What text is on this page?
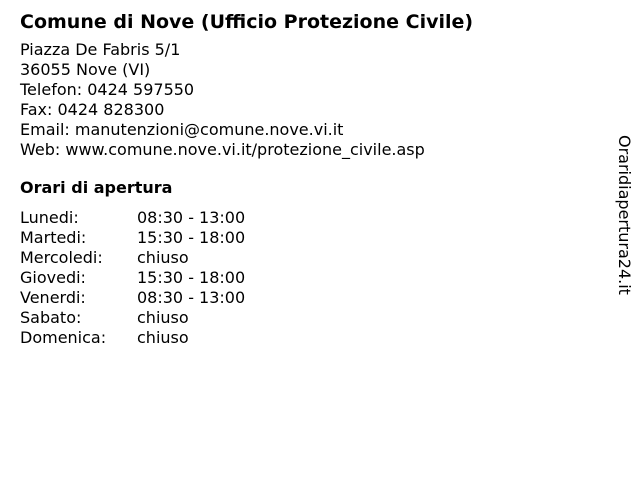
Comune di Nove (Ufficio Protezione Civile)
Piazza De Fabris 5/1
36055 Nove (VI)
Telefon: 0424 597550
Fax: 0424 828300
Email: manutenzioni@comune.nove.vi.it
Web: www.comune.nove.vi.it/protezione_civile.asp
Orari di apertura
Lunedi:	08:30 - 13:00
Martedi:	15:30 - 18:00
Mercoledi:	chiuso
Giovedi:	15:30 - 18:00
Venerdi:	08:30 - 13:00
Sabato:	chiuso
Domenica:	chiuso
Oraridiapertura24.it
